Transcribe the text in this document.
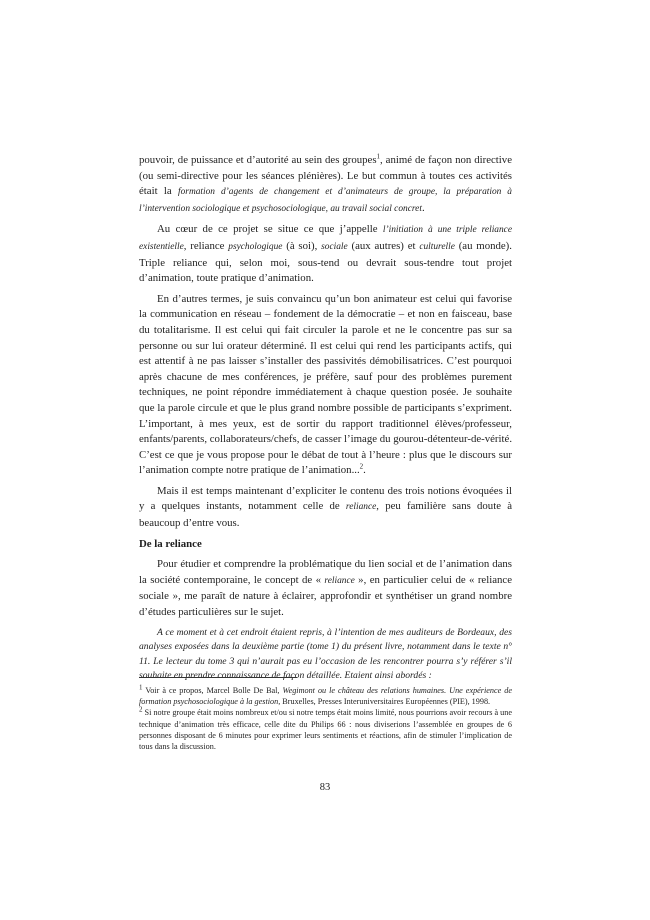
pouvoir, de puissance et d’autorité au sein des groupes$^1$, animé de façon non directive (ou semi-directive pour les séances plénières). Le but commun à toutes ces activités était la formation d’agents de changement et d’animateurs de groupe, la préparation à l’intervention sociologique et psychosociologique, au travail social concret.

Au cœur de ce projet se situe ce que j’appelle l’initiation à une triple reliance existentielle, reliance psychologique (à soi), sociale (aux autres) et culturelle (au monde). Triple reliance qui, selon moi, sous-tend ou devrait sous-tendre tout projet d’animation, toute pratique d’animation.

En d’autres termes, je suis convaincu qu’un bon animateur est celui qui favorise la communication en réseau – fondement de la démocratie – et non en faisceau, base du totalitarisme. Il est celui qui fait circuler la parole et ne le concentre pas sur sa personne ou sur lui orateur déterminé. Il est celui qui rend les participants actifs, qui est attentif à ne pas laisser s’installer des passivités démobilisatrices. C’est pourquoi après chacune de mes conférences, je préfère, sauf pour des problèmes purement techniques, ne point répondre immédiatement à chaque question posée. Je souhaite que la parole circule et que le plus grand nombre possible de participants s’expriment. L’important, à mes yeux, est de sortir du rapport traditionnel élèves/professeur, enfants/parents, collaborateurs/chefs, de casser l’image du gourou-détenteur-de-vérité. C’est ce que je vous propose pour le débat de tout à l’heure : plus que le discours sur l’animation compte notre pratique de l’animation...$^2$.

Mais il est temps maintenant d’expliciter le contenu des trois notions évoquées il y a quelques instants, notamment celle de reliance, peu familière sans doute à beaucoup d’entre vous.

De la reliance

Pour étudier et comprendre la problématique du lien social et de l’animation dans la société contemporaine, le concept de « reliance », en particulier celui de « reliance sociale », me paraît de nature à éclairer, approfondir et synthétiser un grand nombre d’études particulières sur le sujet.

A ce moment et à cet endroit étaient repris, à l’intention de mes auditeurs de Bordeaux, des analyses exposées dans la deuxième partie (tome 1) du présent livre, notamment dans le texte n° 11. Le lecteur du tome 3 qui n’aurait pas eu l’occasion de les rencontrer pourra s’y référer s’il souhaite en prendre connaissance de façon détaillée. Etaient ainsi abordés :

$^1$ Voir à ce propos, Marcel Bolle De Bal, Wegimont ou le château des relations humaines. Une expérience de formation psychosociologique à la gestion, Bruxelles, Presses Interuniversitaires Européennes (PIE), 1998.

$^2$ Si notre groupe était moins nombreux et/ou si notre temps était moins limité, nous pourrions avoir recours à une technique d’animation très efficace, celle dite du Philips 66 : nous diviserions l’assemblée en groupes de 6 personnes disposant de 6 minutes pour exprimer leurs sentiments et réactions, afin de stimuler l’implication de tous dans la discussion.

83
